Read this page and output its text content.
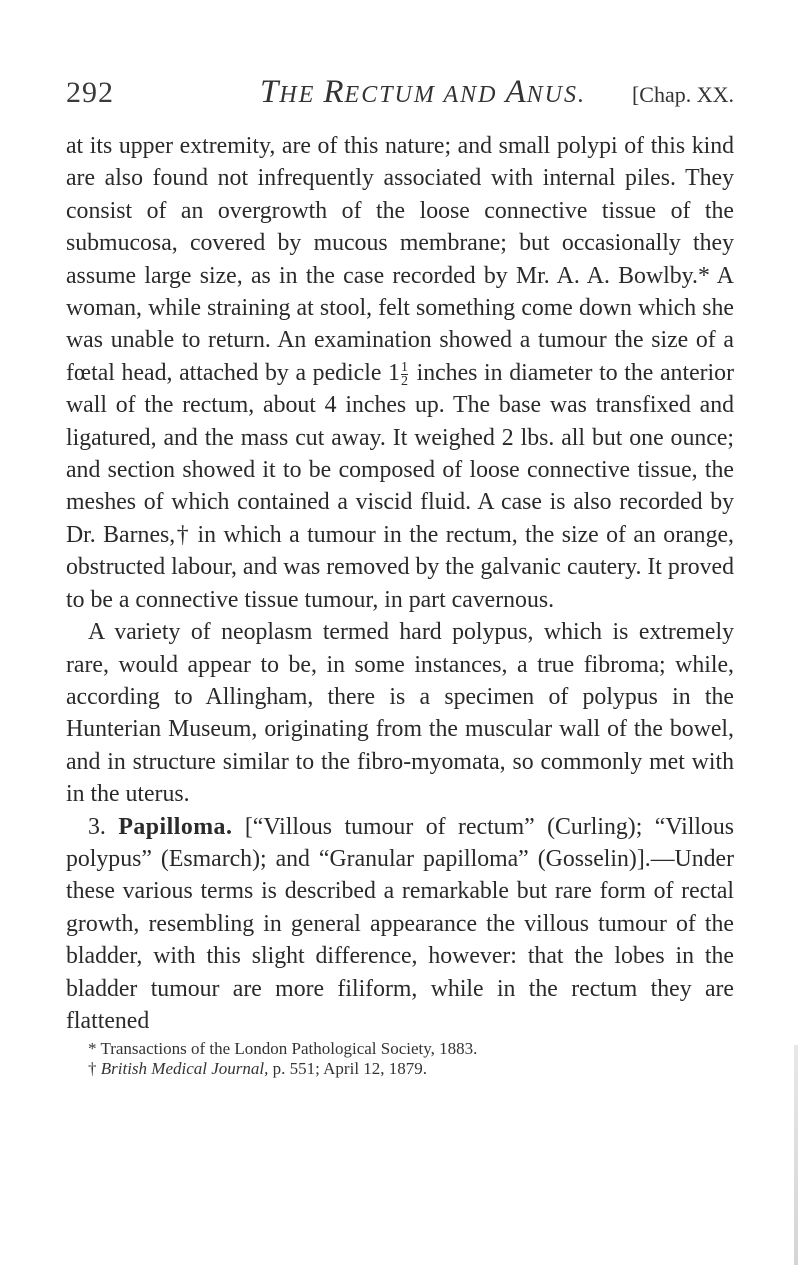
292	THE RECTUM AND ANUS. [Chap. XX.

at its upper extremity, are of this nature; and small polypi of this kind are also found not infrequently associated with internal piles. They consist of an overgrowth of the loose connective tissue of the submucosa, covered by mucous membrane; but occasionally they assume large size, as in the case recorded by Mr. A. A. Bowlby.* A woman, while straining at stool, felt something come down which she was unable to return. An examination showed a tumour the size of a fœtal head, attached by a pedicle $1 \frac{1}{2}$ inches in diameter to the anterior wall of the rectum, about 4 inches up. The base was transfixed and ligatured, and the mass cut away. It weighed 2 lbs. all but one ounce; and section showed it to be composed of loose connective tissue, the meshes of which contained a viscid fluid. A case is also recorded by Dr. Barnes,† in which a tumour in the rectum, the size of an orange, obstructed labour, and was removed by the galvanic cautery. It proved to be a connective tissue tumour, in part cavernous.

A variety of neoplasm termed hard polypus, which is extremely rare, would appear to be, in some instances, a true fibroma; while, according to Allingham, there is a specimen of polypus in the Hunterian Museum, originating from the muscular wall of the bowel, and in structure similar to the fibro-myomata, so commonly met with in the uterus.

3. Papilloma. [“Villous tumour of rectum” (Curling); “Villous polypus” (Esmarch); and “Granular papilloma” (Gosselin)].—Under these various terms is described a remarkable but rare form of rectal growth, resembling in general appearance the villous tumour of the bladder, with this slight difference, however: that the lobes in the bladder tumour are more filiform, while in the rectum they are flattened

* Transactions of the London Pathological Society, 1883.

† British Medical Journal, p. 551; April 12, 1879.
